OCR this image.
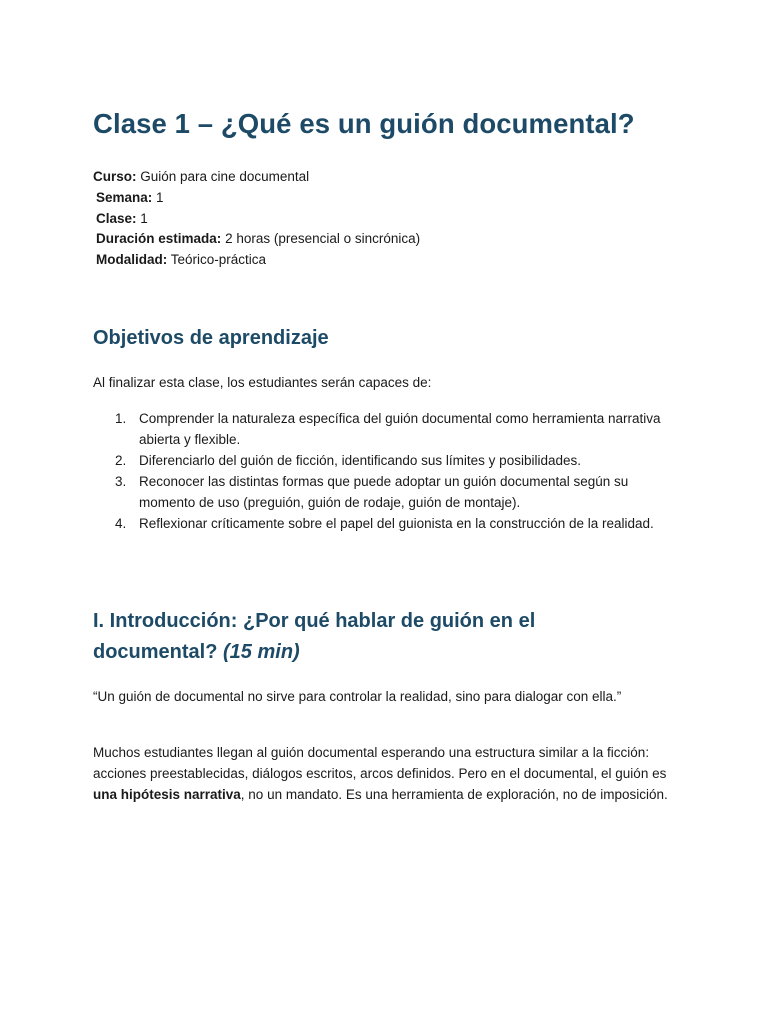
Clase 1 – ¿Qué es un guión documental?
Curso: Guión para cine documental
Semana: 1
Clase: 1
Duración estimada: 2 horas (presencial o sincrónica)
Modalidad: Teórico-práctica
Objetivos de aprendizaje

Al finalizar esta clase, los estudiantes serán capaces de:

1. Comprender la naturaleza específica del guión documental como herramienta narrativa abierta y flexible.
2. Diferenciarlo del guión de ficción, identificando sus límites y posibilidades.
3. Reconocer las distintas formas que puede adoptar un guión documental según su momento de uso (preguión, guión de rodaje, guión de montaje).
4. Reflexionar críticamente sobre el papel del guionista en la construcción de la realidad.
I. Introducción: ¿Por qué hablar de guión en el documental? (15 min)

“Un guión de documental no sirve para controlar la realidad, sino para dialogar con ella.”

Muchos estudiantes llegan al guión documental esperando una estructura similar a la ficción: acciones preestablecidas, diálogos escritos, arcos definidos. Pero en el documental, el guión es una hipótesis narrativa, no un mandato. Es una herramienta de exploración, no de imposición.
